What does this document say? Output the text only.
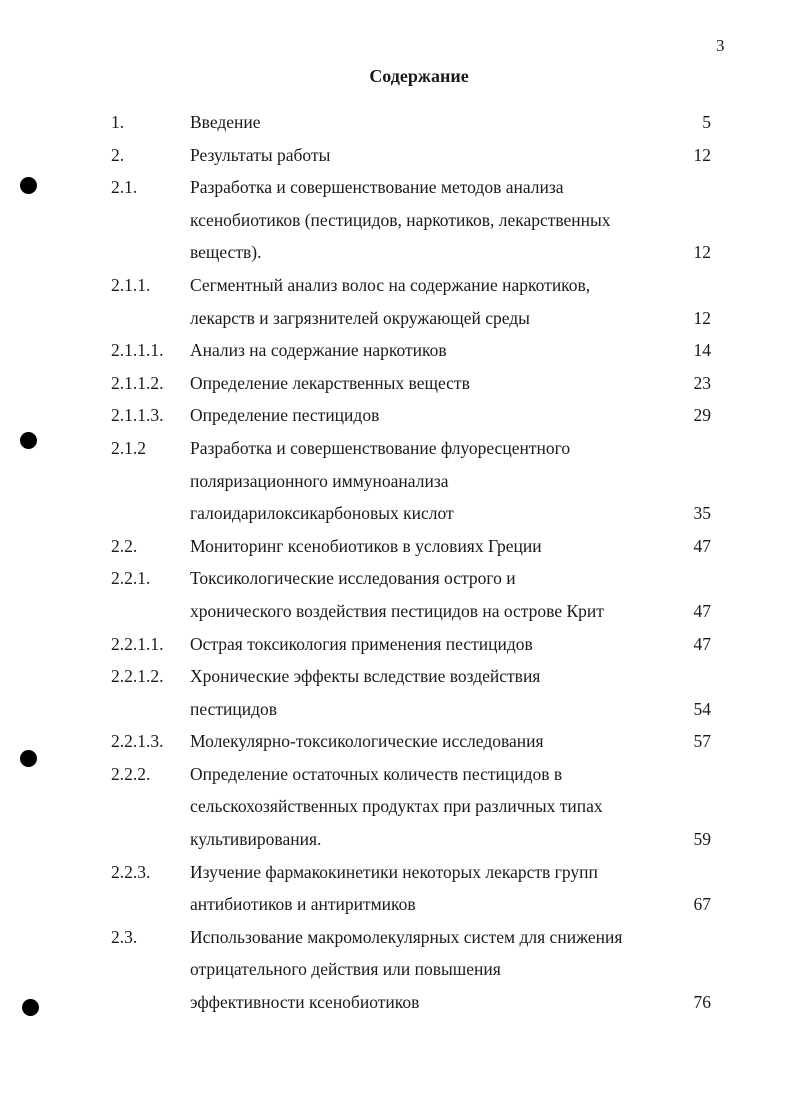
3
Содержание
1.	Введение	5
2.	Результаты работы	12
2.1.	Разработка и совершенствование методов анализа
ксенобиотиков (пестицидов, наркотиков, лекарственных
веществ).	12
2.1.1. Сегментный анализ волос на содержание наркотиков,
лекарств и загрязнителей окружающей среды	12
2.1.1.1. Анализ на содержание наркотиков	14
2.1.1.2. Определение лекарственных веществ	23
2.1.1.3. Определение пестицидов	29
2.1.2	Разработка и совершенствование флуоресцентного
поляризационного иммуноанализа
галоидарилоксикарбоновых кислот	35
2.2.	Мониторинг ксенобиотиков в условиях Греции	47
2.2.1. Токсикологические исследования острого и
хронического воздействия пестицидов на острове Крит	47
2.2.1.1. Острая токсикология применения пестицидов	47
2.2.1.2. Хронические эффекты вследствие воздействия
пестицидов	54
2.2.1.3. Молекулярно-токсикологические исследования	57
2.2.2. Определение остаточных количеств пестицидов в
сельскохозяйственных продуктах при различных типах
культивирования.	59
2.2.3. Изучение фармакокинетики некоторых лекарств групп
антибиотиков и антиритмиков	67
2.3.	Использование макромолекулярных систем для снижения
отрицательного действия или повышения
эффективности ксенобиотиков	76
